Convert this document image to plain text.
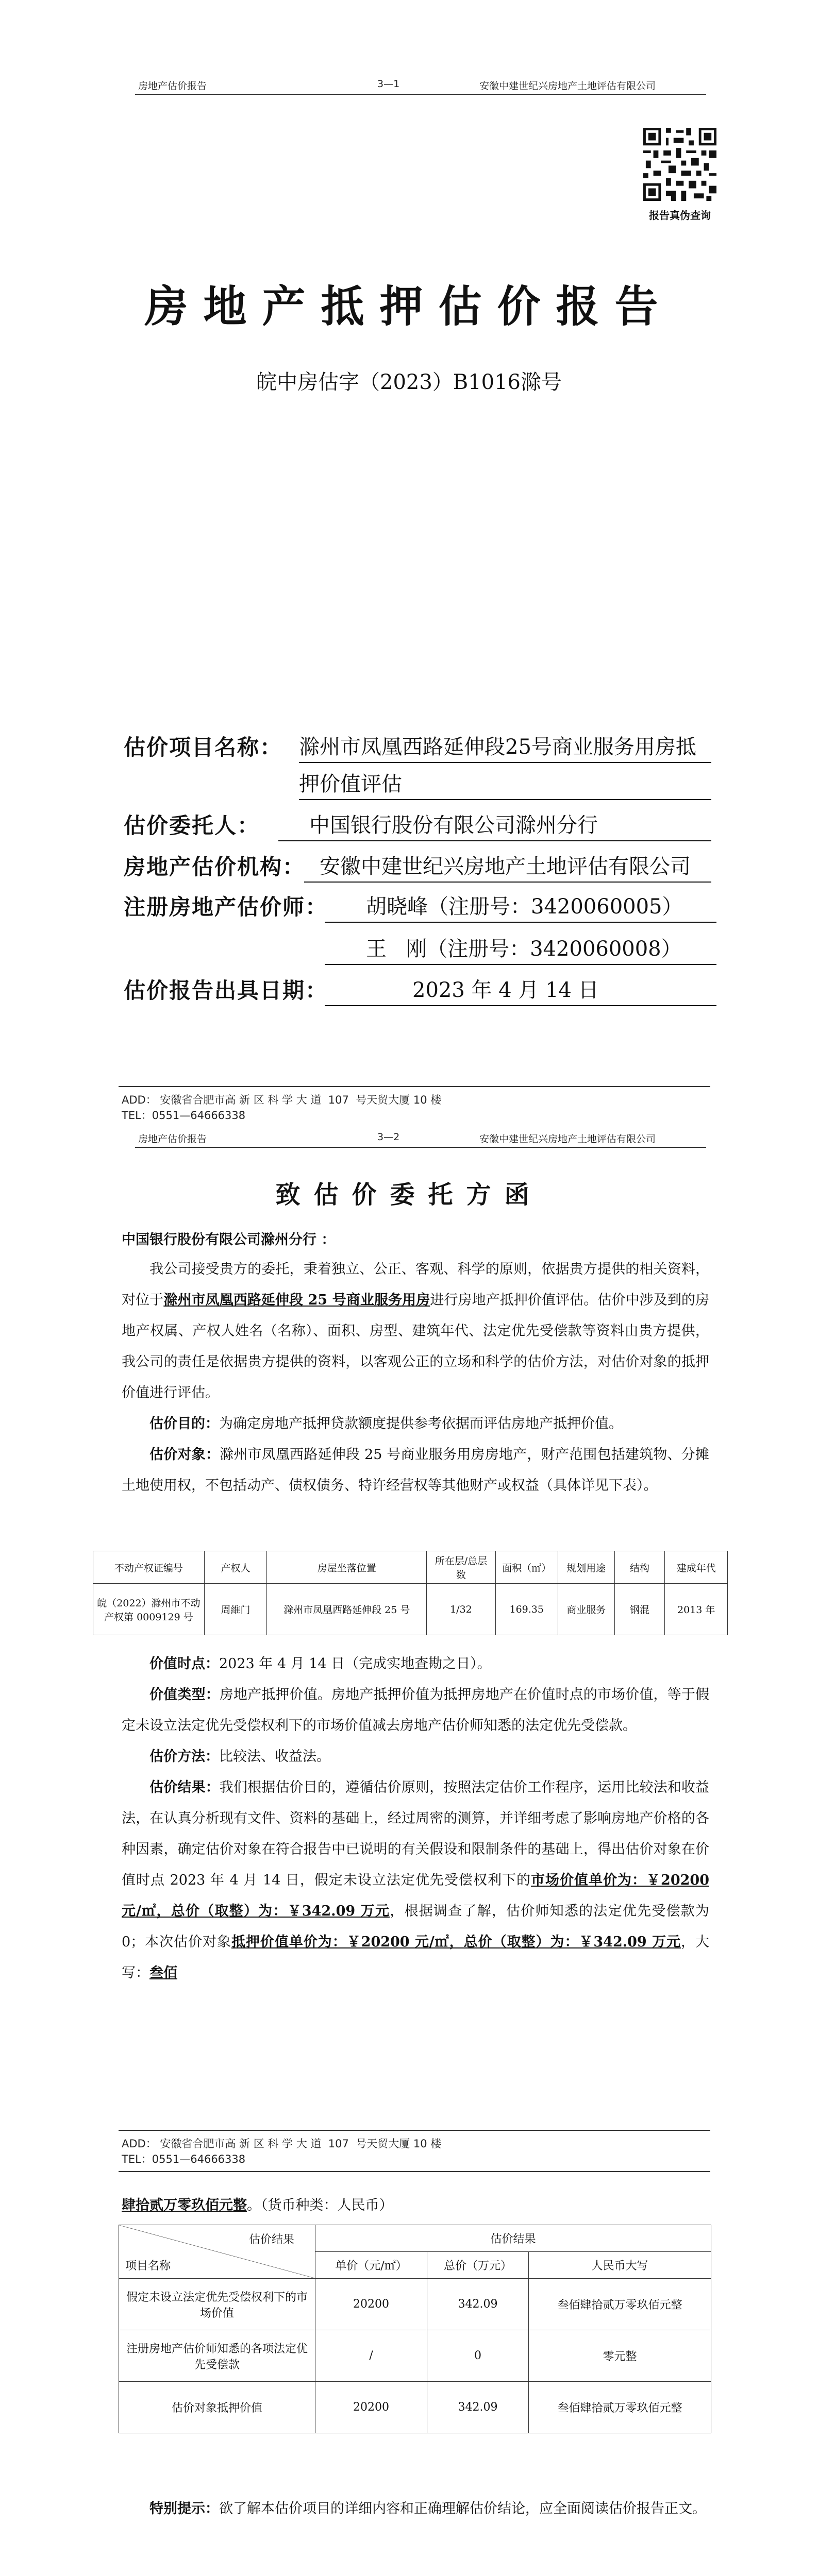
房地产估价报告	3—1	安徽中建世纪兴房地产土地评估有限公司
报告真伪查询
房地产抵押估价报告
皖中房估字（2023）B1016滁号
估价项目名称： 滁州市凤凰西路延伸段25号商业服务用房抵
押价值评估
估价委托人：	中国银行股份有限公司滁州分行
房地产估价机构： 安徽中建世纪兴房地产土地评估有限公司
注册房地产估价师：	胡晓峰（注册号：3420060005）
王   刚（注册号：3420060008）
估价报告出具日期：	2023 年 4 月 14 日
ADD： 安徽省合肥市高 新 区 科 学 大 道  107  号天贸大厦 10 楼
TEL：0551—64666338
房地产估价报告	3—2	安徽中建世纪兴房地产土地评估有限公司
致估价委托方函
中国银行股份有限公司滁州分行 ：

我公司接受贵方的委托，秉着独立、公正、客观、科学的原则，依据贵方提供的相关资料，对位于滁州市凤凰西路延伸段 25 号商业服务用房进行房地产抵押价值评估。估价中涉及到的房地产权属、产权人姓名（名称）、面积、房型、建筑年代、法定优先受偿款等资料由贵方提供，我公司的责任是依据贵方提供的资料，以客观公正的立场和科学的估价方法，对估价对象的抵押价值进行评估。

估价目的：为确定房地产抵押贷款额度提供参考依据而评估房地产抵押价值。

估价对象：滁州市凤凰西路延伸段 25 号商业服务用房房地产，财产范围包括建筑物、分摊土地使用权，不包括动产、债权债务、特许经营权等其他财产或权益（具体详见下表）。

不动产权证编号	产权人	房屋坐落位置	所在层/总层数	面积（㎡）	规划用途	结构	建成年代
皖（2022）滁州市不动产权第 0009129 号	周維门	滁州市凤凰西路延伸段 25 号	1/32	169.35	商业服务	钢混	2013 年

价值时点：2023 年 4 月 14 日（完成实地查勘之日）。

价值类型：房地产抵押价值。房地产抵押价值为抵押房地产在价值时点的市场价值，等于假定未设立法定优先受偿权利下的市场价值减去房地产估价师知悉的法定优先受偿款。

估价方法：比较法、收益法。

估价结果：我们根据估价目的，遵循估价原则，按照法定估价工作程序，运用比较法和收益法，在认真分析现有文件、资料的基础上，经过周密的测算，并详细考虑了影响房地产价格的各种因素，确定估价对象在符合报告中已说明的有关假设和限制条件的基础上，得出估价对象在价值时点 2023 年 4 月 14 日，假定未设立法定优先受偿权利下的市场价值单价为：￥20200 元/㎡，总价（取整）为：￥342.09 万元，根据调查了解，估价师知悉的法定优先受偿款为 0；本次估价对象抵押价值单价为：￥20200 元/㎡，总价（取整）为：￥342.09 万元，大写：叁佰

ADD： 安徽省合肥市高 新 区 科 学 大 道  107  号天贸大厦 10 楼
TEL：0551—64666338
肆拾贰万零玖佰元整。（货币种类：人民币）
估价结果
项目名称	估价结果		
	单价（元/㎡）	总价（万元）	人民币大写
假定未设立法定优先受偿权利下的市场价值	20200	342.09	叁佰肆拾贰万零玖佰元整
注册房地产估价师知悉的各项法定优先受偿款	/	0	零元整
估价对象抵押价值	20200	342.09	叁佰肆拾贰万零玖佰元整

特别提示：欲了解本估价项目的详细内容和正确理解估价结论，应全面阅读估价报告正文。
